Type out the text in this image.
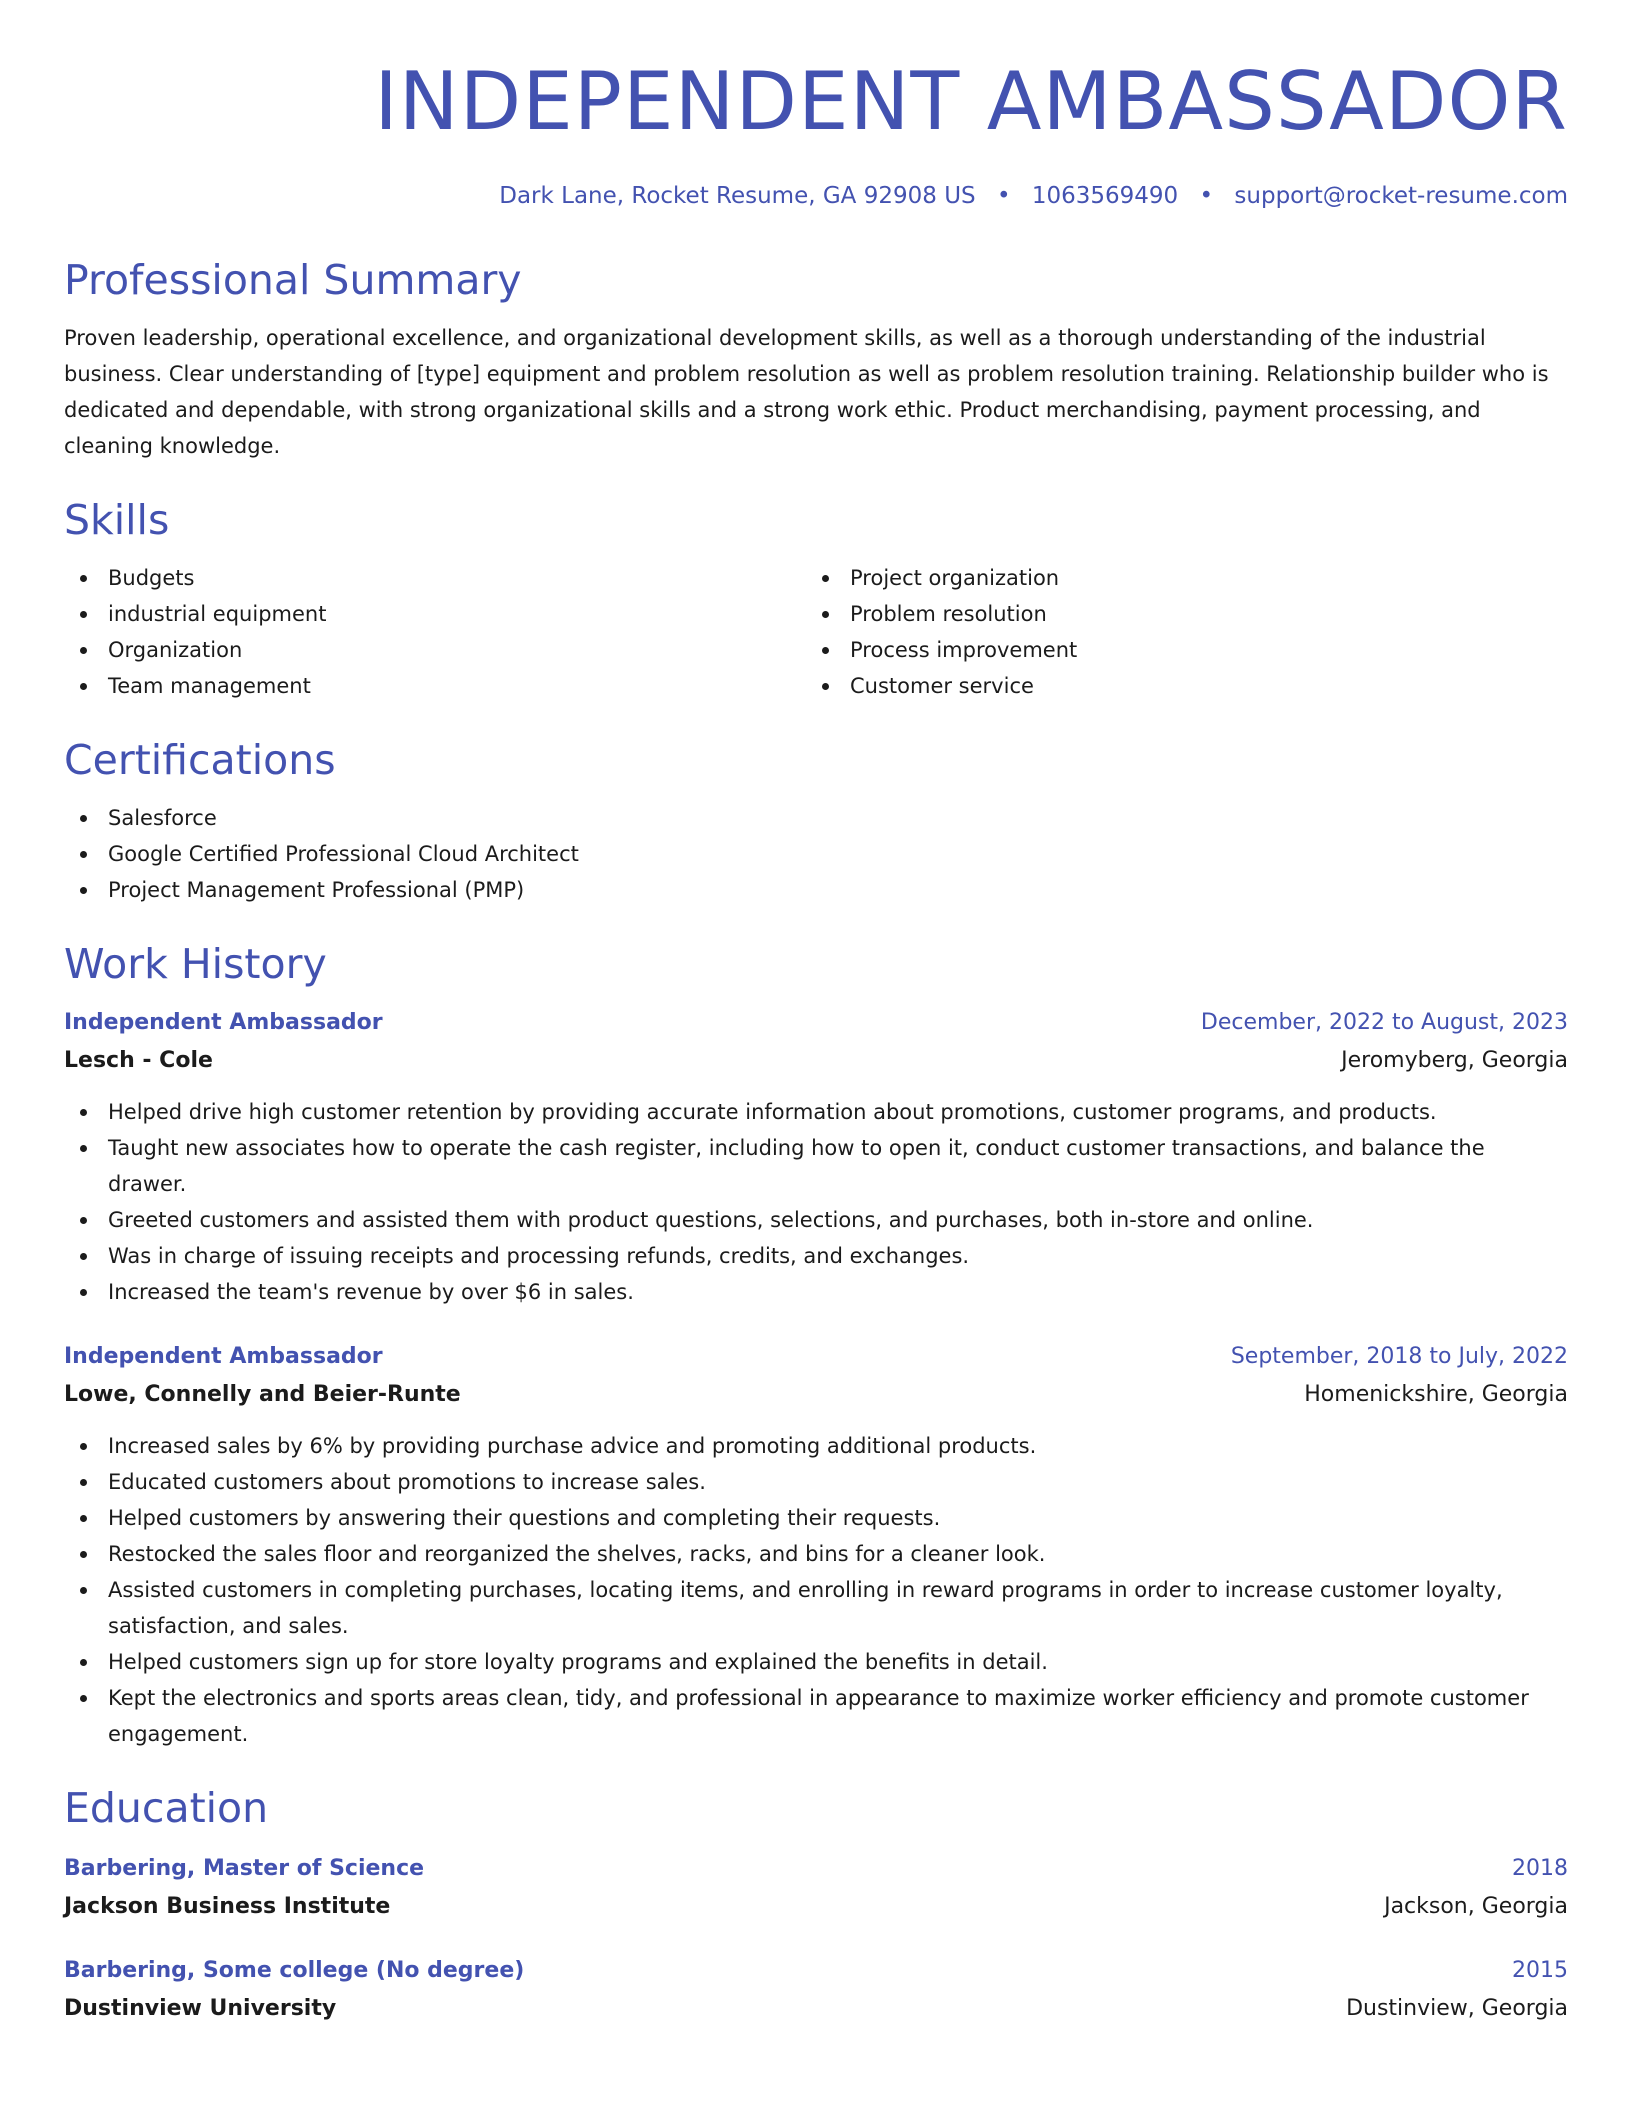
INDEPENDENT AMBASSADOR
Dark Lane, Rocket Resume, GA 92908 US • 1063569490 • support@rocket-resume.com
Professional Summary

Proven leadership, operational excellence, and organizational development skills, as well as a thorough understanding of the industrial business. Clear understanding of [type] equipment and problem resolution as well as problem resolution training. Relationship builder who is dedicated and dependable, with strong organizational skills and a strong work ethic. Product merchandising, payment processing, and cleaning knowledge.

Skills
Budgets
industrial equipment
Organization
Team management
Project organization
Problem resolution
Process improvement
Customer service
Certifications
Salesforce
Google Certified Professional Cloud Architect
Project Management Professional (PMP)
Work History
Independent Ambassador	December, 2022 to August, 2023
Lesch - Cole	Jeromyberg, Georgia
Helped drive high customer retention by providing accurate information about promotions, customer programs, and products.
Taught new associates how to operate the cash register, including how to open it, conduct customer transactions, and balance the drawer.
Greeted customers and assisted them with product questions, selections, and purchases, both in-store and online.
Was in charge of issuing receipts and processing refunds, credits, and exchanges.
Increased the team's revenue by over $6 in sales.
Independent Ambassador	September, 2018 to July, 2022
Lowe, Connelly and Beier-Runte	Homenickshire, Georgia
Increased sales by 6% by providing purchase advice and promoting additional products.
Educated customers about promotions to increase sales.
Helped customers by answering their questions and completing their requests.
Restocked the sales floor and reorganized the shelves, racks, and bins for a cleaner look.
Assisted customers in completing purchases, locating items, and enrolling in reward programs in order to increase customer loyalty, satisfaction, and sales.
Helped customers sign up for store loyalty programs and explained the benefits in detail.
Kept the electronics and sports areas clean, tidy, and professional in appearance to maximize worker efficiency and promote customer engagement.
Education
Barbering, Master of Science	2018
Jackson Business Institute	Jackson, Georgia
Barbering, Some college (No degree)	2015
Dustinview University	Dustinview, Georgia
